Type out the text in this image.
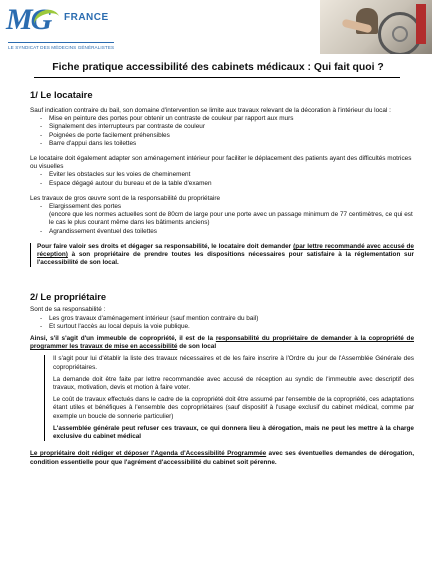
MG FRANCE
LE SYNDICAT DES MÉDECINS GÉNÉRALISTES
Fiche pratique accessibilité des cabinets médicaux : Qui fait quoi ?
1/ Le locataire

Sauf indication contraire du bail, son domaine d'intervention se limite aux travaux relevant de la décoration à l'intérieur du local :

- Mise en peinture des portes pour obtenir un contraste de couleur par rapport aux murs
- Signalement des interrupteurs par contraste de couleur
- Poignées de porte facilement préhensibles
- Barre d'appui dans les toilettes

Le locataire doit également adapter son aménagement intérieur pour faciliter le déplacement des patients ayant des difficultés motrices ou visuelles

- Eviter les obstacles sur les voies de cheminement
- Espace dégagé autour du bureau et de la table d'examen

Les travaux de gros œuvre sont de la responsabilité du propriétaire

- Elargissement des portes

(encore que les normes actuelles sont de 80cm de large pour une porte avec un passage minimum de 77 centimètres, ce qui est le cas le plus courant même dans les bâtiments anciens)

- Agrandissement éventuel des toilettes

Pour faire valoir ses droits et dégager sa responsabilité, le locataire doit demander (par lettre recommandé avec accusé de réception) à son propriétaire de prendre toutes les dispositions nécessaires pour satisfaire à la réglementation sur l'accessibilité de son local.

2/ Le propriétaire

Sont de sa responsabilité :

- Les gros travaux d'aménagement intérieur (sauf mention contraire du bail)
- Et surtout l'accès au local depuis la voie publique.

Ainsi, s'il s'agit d'un immeuble de copropriété, il est de la responsabilité du propriétaire de demander à la copropriété de programmer les travaux de mise en accessibilité de son local

Il s'agit pour lui d'établir la liste des travaux nécessaires et de les faire inscrire à l'Ordre du jour de l'Assemblée Générale des copropriétaires.

La demande doit être faite par lettre recommandée avec accusé de réception au syndic de l'immeuble avec descriptif des travaux, motivation, devis et motion à faire voter.

Le coût de travaux effectués dans le cadre de la copropriété doit être assumé par l'ensemble de la copropriété, ces adaptations étant utiles et bénéfiques à l'ensemble des copropriétaires (sauf dispositif à l'usage exclusif du cabinet médical, comme par exemple un boucle de sonnerie particulier)

L'assemblée générale peut refuser ces travaux, ce qui donnera lieu à dérogation, mais ne peut les mettre à la charge exclusive du cabinet médical

Le propriétaire doit rédiger et déposer l'Agenda d'Accessibilité Programmée avec ses éventuelles demandes de dérogation, condition essentielle pour que l'agrément d'accessibilité du cabinet soit pérenne.
